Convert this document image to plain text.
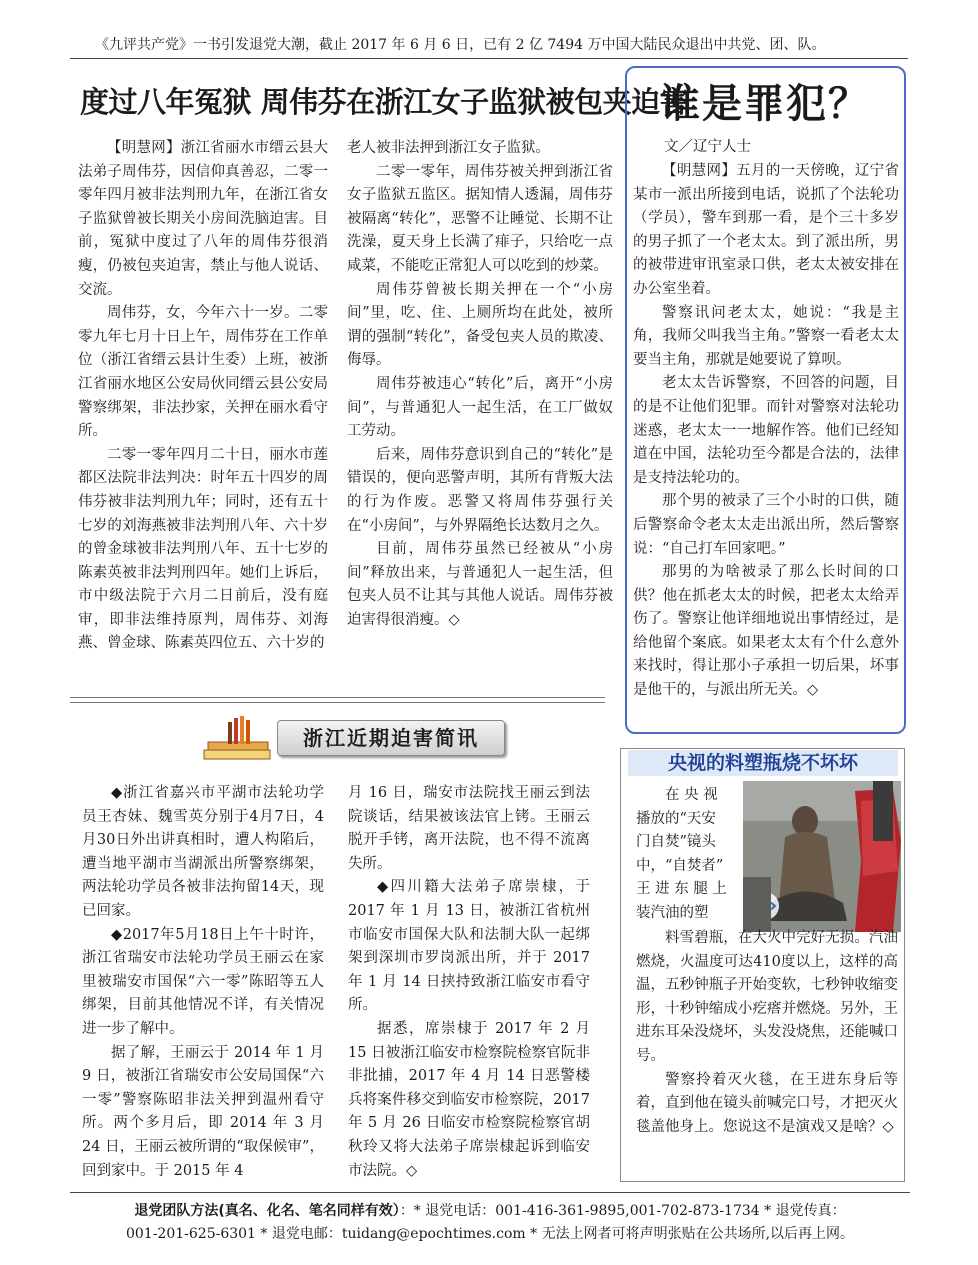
《九评共产党》一书引发退党大潮，截止 2017 年 6 月 6 日，已有 2 亿 7494 万中国大陆民众退出中共党、团、队。
度过八年冤狱 周伟芬在浙江女子监狱被包夹迫害

【明慧网】浙江省丽水市缙云县大法弟子周伟芬，因信仰真善忍，二零一零年四月被非法判刑九年，在浙江省女子监狱曾被长期关小房间洗脑迫害。目前，冤狱中度过了八年的周伟芬很消瘦，仍被包夹迫害，禁止与他人说话、交流。

周伟芬，女，今年六十一岁。二零零九年七月十日上午，周伟芬在工作单位（浙江省缙云县计生委）上班，被浙江省丽水地区公安局伙同缙云县公安局警察绑架，非法抄家，关押在丽水看守所。

二零一零年四月二十日，丽水市莲都区法院非法判决：时年五十四岁的周伟芬被非法判刑九年；同时，还有五十七岁的刘海燕被非法判刑八年、六十岁的曾金球被非法判刑八年、五十七岁的陈素英被非法判刑四年。她们上诉后，市中级法院于六月二日前后，没有庭审，即非法维持原判，周伟芬、刘海燕、曾金球、陈素英四位五、六十岁的

老人被非法押到浙江女子监狱。

二零一零年，周伟芬被关押到浙江省女子监狱五监区。据知情人透漏，周伟芬被隔离“转化”，恶警不让睡觉、长期不让洗澡，夏天身上长满了痱子，只给吃一点咸菜，不能吃正常犯人可以吃到的炒菜。

周伟芬曾被长期关押在一个“小房间”里，吃、住、上厕所均在此处，被所谓的强制“转化”，备受包夹人员的欺凌、侮辱。

周伟芬被违心“转化”后，离开“小房间”，与普通犯人一起生活，在工厂做奴工劳动。

后来，周伟芬意识到自己的“转化”是错误的，便向恶警声明，其所有背叛大法的行为作废。恶警又将周伟芬强行关在“小房间”，与外界隔绝长达数月之久。

目前，周伟芬虽然已经被从“小房间”释放出来，与普通犯人一起生活，但包夹人员不让其与其他人说话。周伟芬被迫害得很消瘦。◇

浙江近期迫害简讯

◆浙江省嘉兴市平湖市法轮功学员王杏妹、魏雪英分别于4月7日，4月30日外出讲真相时，遭人构陷后，遭当地平湖市当湖派出所警察绑架，两法轮功学员各被非法拘留14天，现已回家。

◆2017年5月18日上午十时许，浙江省瑞安市法轮功学员王丽云在家里被瑞安市国保“六一零”陈昭等五人绑架，目前其他情况不详，有关情况进一步了解中。

据了解，王丽云于 2014 年 1 月 9 日，被浙江省瑞安市公安局国保“六一零”警察陈昭非法关押到温州看守所。两个多月后，即 2014 年 3 月 24 日，王丽云被所谓的“取保候审”，回到家中。于 2015 年 4

月 16 日，瑞安市法院找王丽云到法院谈话，结果被该法官上铐。王丽云脱开手铐，离开法院，也不得不流离失所。

◆四川籍大法弟子席崇棣，于 2017 年 1 月 13 日，被浙江省杭州市临安市国保大队和法制大队一起绑架到深圳市罗岗派出所，并于 2017 年 1 月 14 日挟持致浙江临安市看守所。

据悉，席崇棣于 2017 年 2 月 15 日被浙江临安市检察院检察官阮非非批捕，2017 年 4 月 14 日恶警楼兵将案件移交到临安市检察院，2017 年 5 月 26 日临安市检察院检察官胡秋玲又将大法弟子席崇棣起诉到临安市法院。◇

谁是罪犯？
文／辽宁人士

【明慧网】五月的一天傍晚，辽宁省某市一派出所接到电话，说抓了个法轮功（学员），警车到那一看，是个三十多岁的男子抓了一个老太太。到了派出所，男的被带进审讯室录口供，老太太被安排在办公室坐着。

警察讯问老太太，她说：“我是主角，我师父叫我当主角。”警察一看老太太要当主角，那就是她要说了算呗。

老太太告诉警察，不回答的问题，目的是不让他们犯罪。而针对警察对法轮功迷惑，老太太一一地解作答。他们已经知道在中国，法轮功至今都是合法的，法律是支持法轮功的。

那个男的被录了三个小时的口供，随后警察命令老太太走出派出所，然后警察说：“自己打车回家吧。”

那男的为啥被录了那么长时间的口供？他在抓老太太的时候，把老太太给弄伤了。警察让他详细地说出事情经过，是给他留个案底。如果老太太有个什么意外来找时，得让那小子承担一切后果，坏事是他干的，与派出所无关。◇

央视的料塑瓶烧不坏坏

在 央 视

播放的“天安

门自焚”镜头

中，“自焚者”

王 进 东 腿 上

装汽油的塑

料雪碧瓶，在大火中完好无损。汽油燃烧，火温度可达410度以上，这样的高温，五秒钟瓶子开始变软，七秒钟收缩变形，十秒钟缩成小疙瘩并燃烧。另外，王进东耳朵没烧坏，头发没烧焦，还能喊口号。

警察拎着灭火毯，在王进东身后等着，直到他在镜头前喊完口号，才把灭火毯盖他身上。您说这不是演戏又是啥？◇

退党团队方法(真名、化名、笔名同样有效）：* 退党电话：001-416-361-9895,001-702-873-1734 * 退党传真：
001-201-625-6301 * 退党电邮：tuidang@epochtimes.com * 无法上网者可将声明张贴在公共场所,以后再上网。
